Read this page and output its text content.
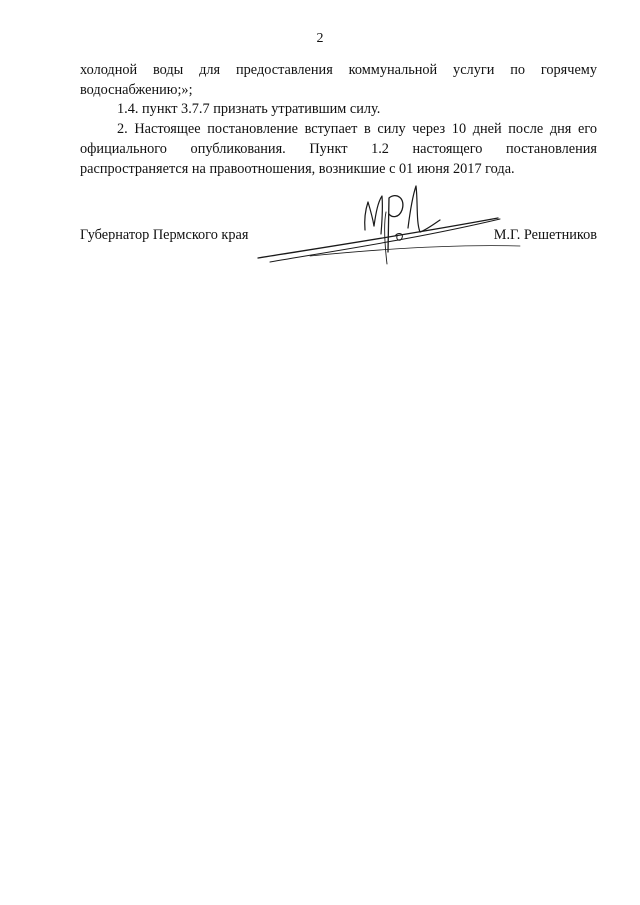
2

холодной воды для предоставления коммунальной услуги по горячему водоснабжению;»;

1.4. пункт 3.7.7 признать утратившим силу.

2. Настоящее постановление вступает в силу через 10 дней после дня его официального опубликования. Пункт 1.2 настоящего постановления распространяется на правоотношения, возникшие с 01 июня 2017 года.

Губернатор Пермского края	М.Г. Решетников
